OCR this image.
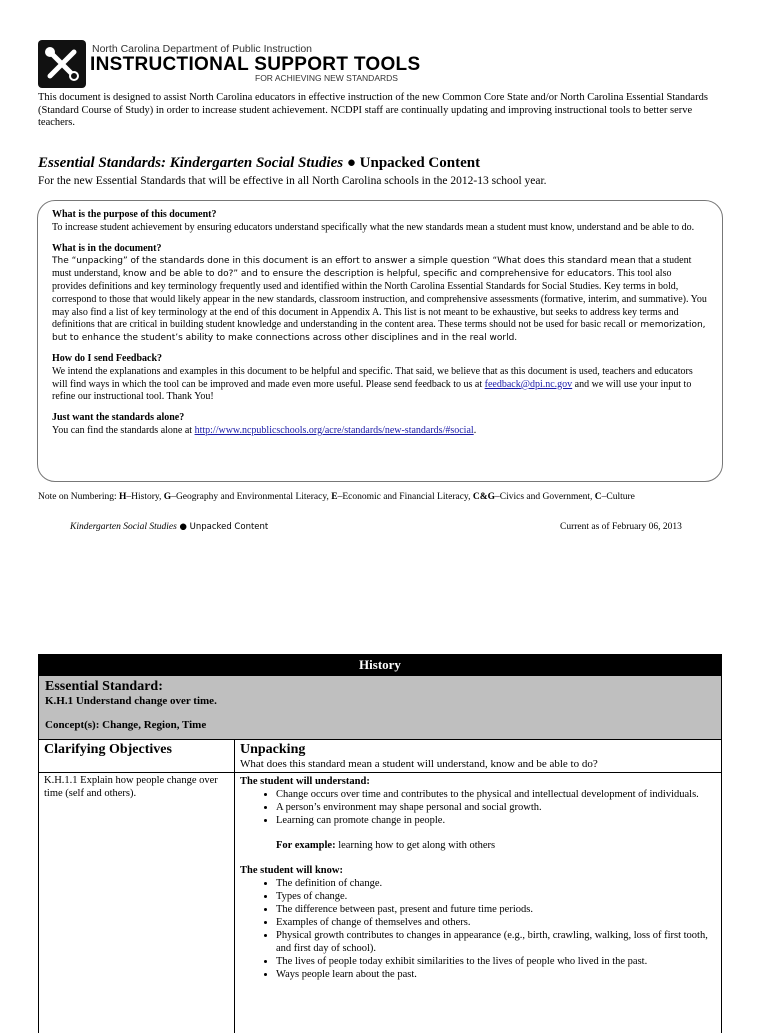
North Carolina Department of Public Instruction
INSTRUCTIONAL SUPPORT TOOLS
FOR ACHIEVING NEW STANDARDS
This document is designed to assist North Carolina educators in effective instruction of the new Common Core State and/or North Carolina Essential Standards (Standard Course of Study) in order to increase student achievement. NCDPI staff are continually updating and improving instructional tools to better serve teachers.
Essential Standards: Kindergarten Social Studies ● Unpacked Content
For the new Essential Standards that will be effective in all North Carolina schools in the 2012-13 school year.

What is the purpose of this document?
To increase student achievement by ensuring educators understand specifically what the new standards mean a student must know, understand and be able to do.

What is in the document?
The “unpacking” of the standards done in this document is an effort to answer a simple question “What does this standard mean that a student must understand, know and be able to do?” and to ensure the description is helpful, specific and comprehensive for educators. This tool also provides definitions and key terminology frequently used and identified within the North Carolina Essential Standards for Social Studies. Key terms in bold, correspond to those that would likely appear in the new standards, classroom instruction, and comprehensive assessments (formative, interim, and summative). You may also find a list of key terminology at the end of this document in Appendix A. This list is not meant to be exhaustive, but seeks to address key terms and definitions that are critical in building student knowledge and understanding in the content area. These terms should not be used for basic recall or memorization, but to enhance the student’s ability to make connections across other disciplines and in the real world.

How do I send Feedback?
We intend the explanations and examples in this document to be helpful and specific. That said, we believe that as this document is used, teachers and educators will find ways in which the tool can be improved and made even more useful. Please send feedback to us at feedback@dpi.nc.gov and we will use your input to refine our instructional tool. Thank You!

Just want the standards alone?
You can find the standards alone at http://www.ncpublicschools.org/acre/standards/new-standards/#social.

Note on Numbering: H–History, G–Geography and Environmental Literacy, E–Economic and Financial Literacy, C&G–Civics and Government, C–Culture
Kindergarten Social Studies ● Unpacked Content	Current as of February 06, 2013
History
Essential Standard:
K.H.1 Understand change over time.
Concept(s): Change, Region, Time
Clarifying Objectives	Unpacking
What does this standard mean a student will understand, know and be able to do?
K.H.1.1 Explain how people change over time (self and others).
The student will understand:
• Change occurs over time and contributes to the physical and intellectual development of individuals.
• A person’s environment may shape personal and social growth.
• Learning can promote change in people.
For example: learning how to get along with others
The student will know:
• The definition of change.
• Types of change.
• The difference between past, present and future time periods.
• Examples of change of themselves and others.
• Physical growth contributes to changes in appearance (e.g., birth, crawling, walking, loss of first tooth, and first day of school).
• The lives of people today exhibit similarities to the lives of people who lived in the past.
• Ways people learn about the past.
